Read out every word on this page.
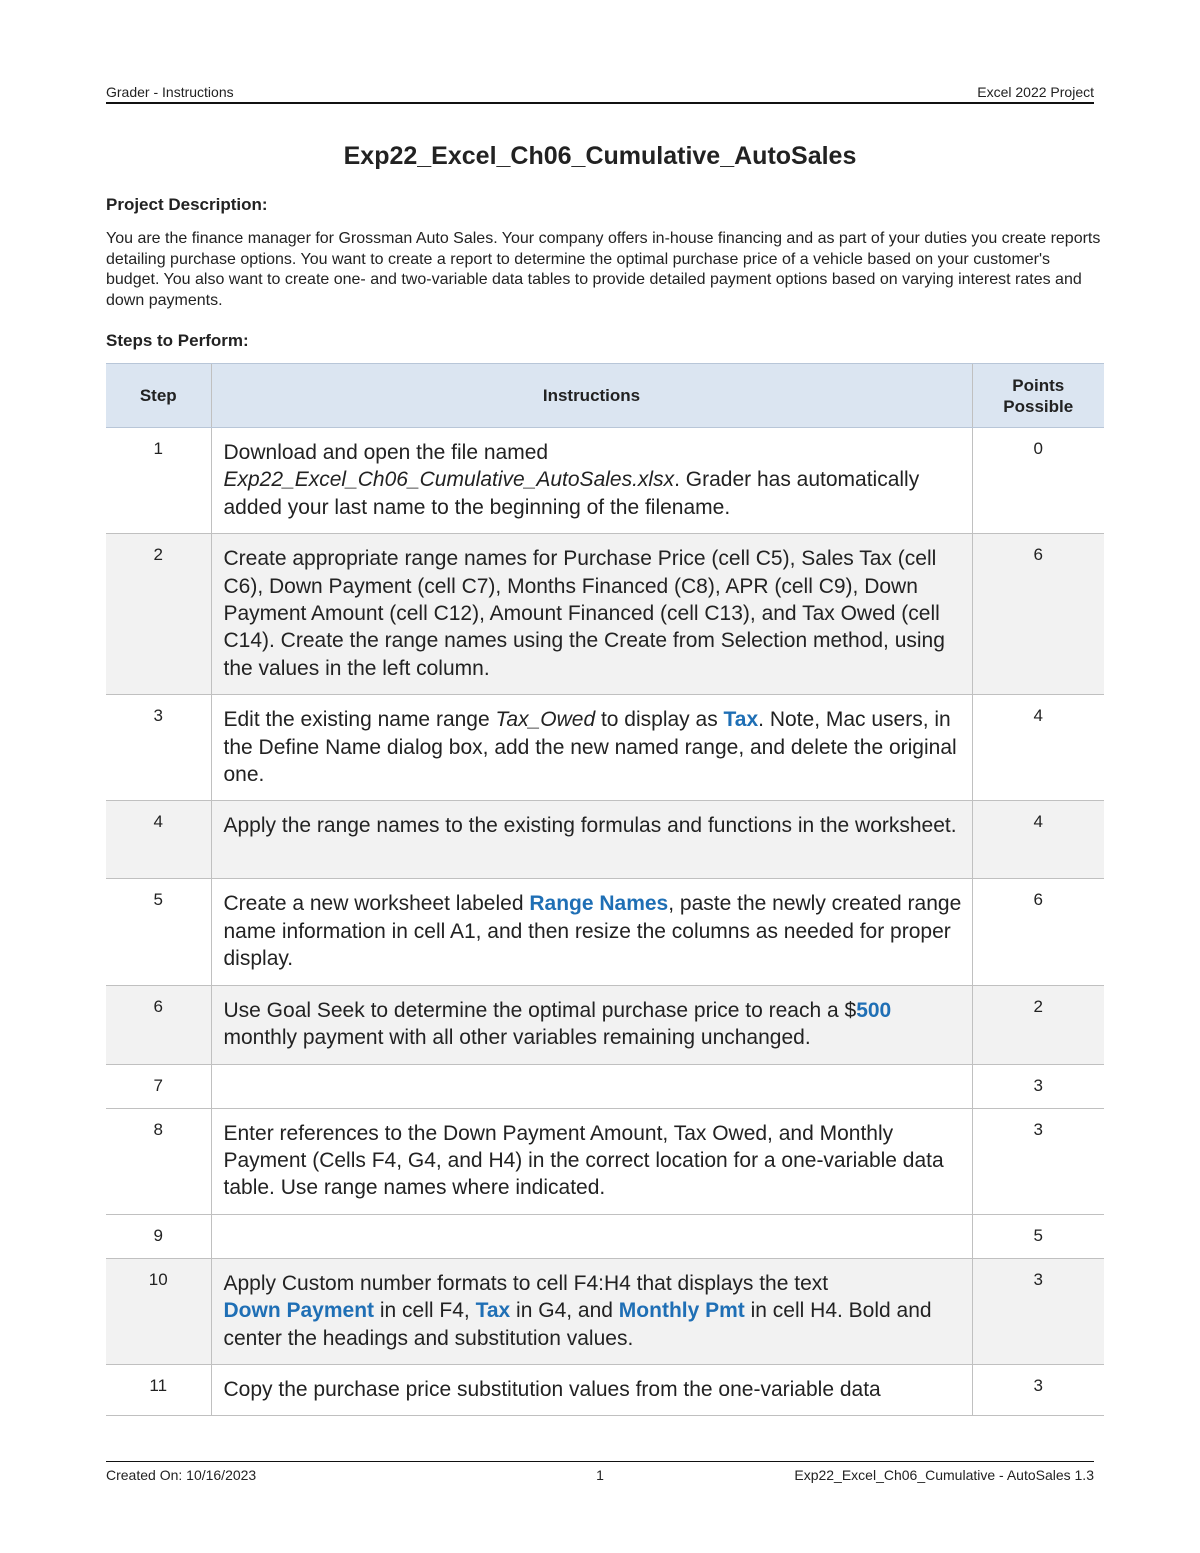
Grader - Instructions	Excel 2022 Project
Exp22_Excel_Ch06_Cumulative_AutoSales
Project Description:
You are the finance manager for Grossman Auto Sales. Your company offers in-house financing and as part of your duties you create reports detailing purchase options. You want to create a report to determine the optimal purchase price of a vehicle based on your customer's budget. You also want to create one- and two-variable data tables to provide detailed payment options based on varying interest rates and down payments.
Steps to Perform:
Step	Instructions	Points Possible
1	Download and open the file named
Exp22_Excel_Ch06_Cumulative_AutoSales.xlsx. Grader has automatically added your last name to the beginning of the filename.	0
2	Create appropriate range names for Purchase Price (cell C5), Sales Tax (cell C6), Down Payment (cell C7), Months Financed (C8), APR (cell C9), Down Payment Amount (cell C12), Amount Financed (cell C13), and Tax Owed (cell C14). Create the range names using the Create from Selection method, using the values in the left column.	6
3	Edit the existing name range Tax_Owed to display as Tax. Note, Mac users, in the Define Name dialog box, add the new named range, and delete the original one.	4
4	Apply the range names to the existing formulas and functions in the worksheet.	4
5	Create a new worksheet labeled Range Names, paste the newly created range name information in cell A1, and then resize the columns as needed for proper display.	6
6	Use Goal Seek to determine the optimal purchase price to reach a $500 monthly payment with all other variables remaining unchanged.	2
7		3
8	Enter references to the Down Payment Amount, Tax Owed, and Monthly Payment (Cells F4, G4, and H4) in the correct location for a one-variable data table. Use range names where indicated.	3
9		5
10	Apply Custom number formats to cell F4:H4 that displays the text
Down Payment in cell F4, Tax in G4, and Monthly Pmt in cell H4. Bold and center the headings and substitution values.	3
11	Copy the purchase price substitution values from the one-variable data	3
Created On: 10/16/2023	1	Exp22_Excel_Ch06_Cumulative - AutoSales 1.3
